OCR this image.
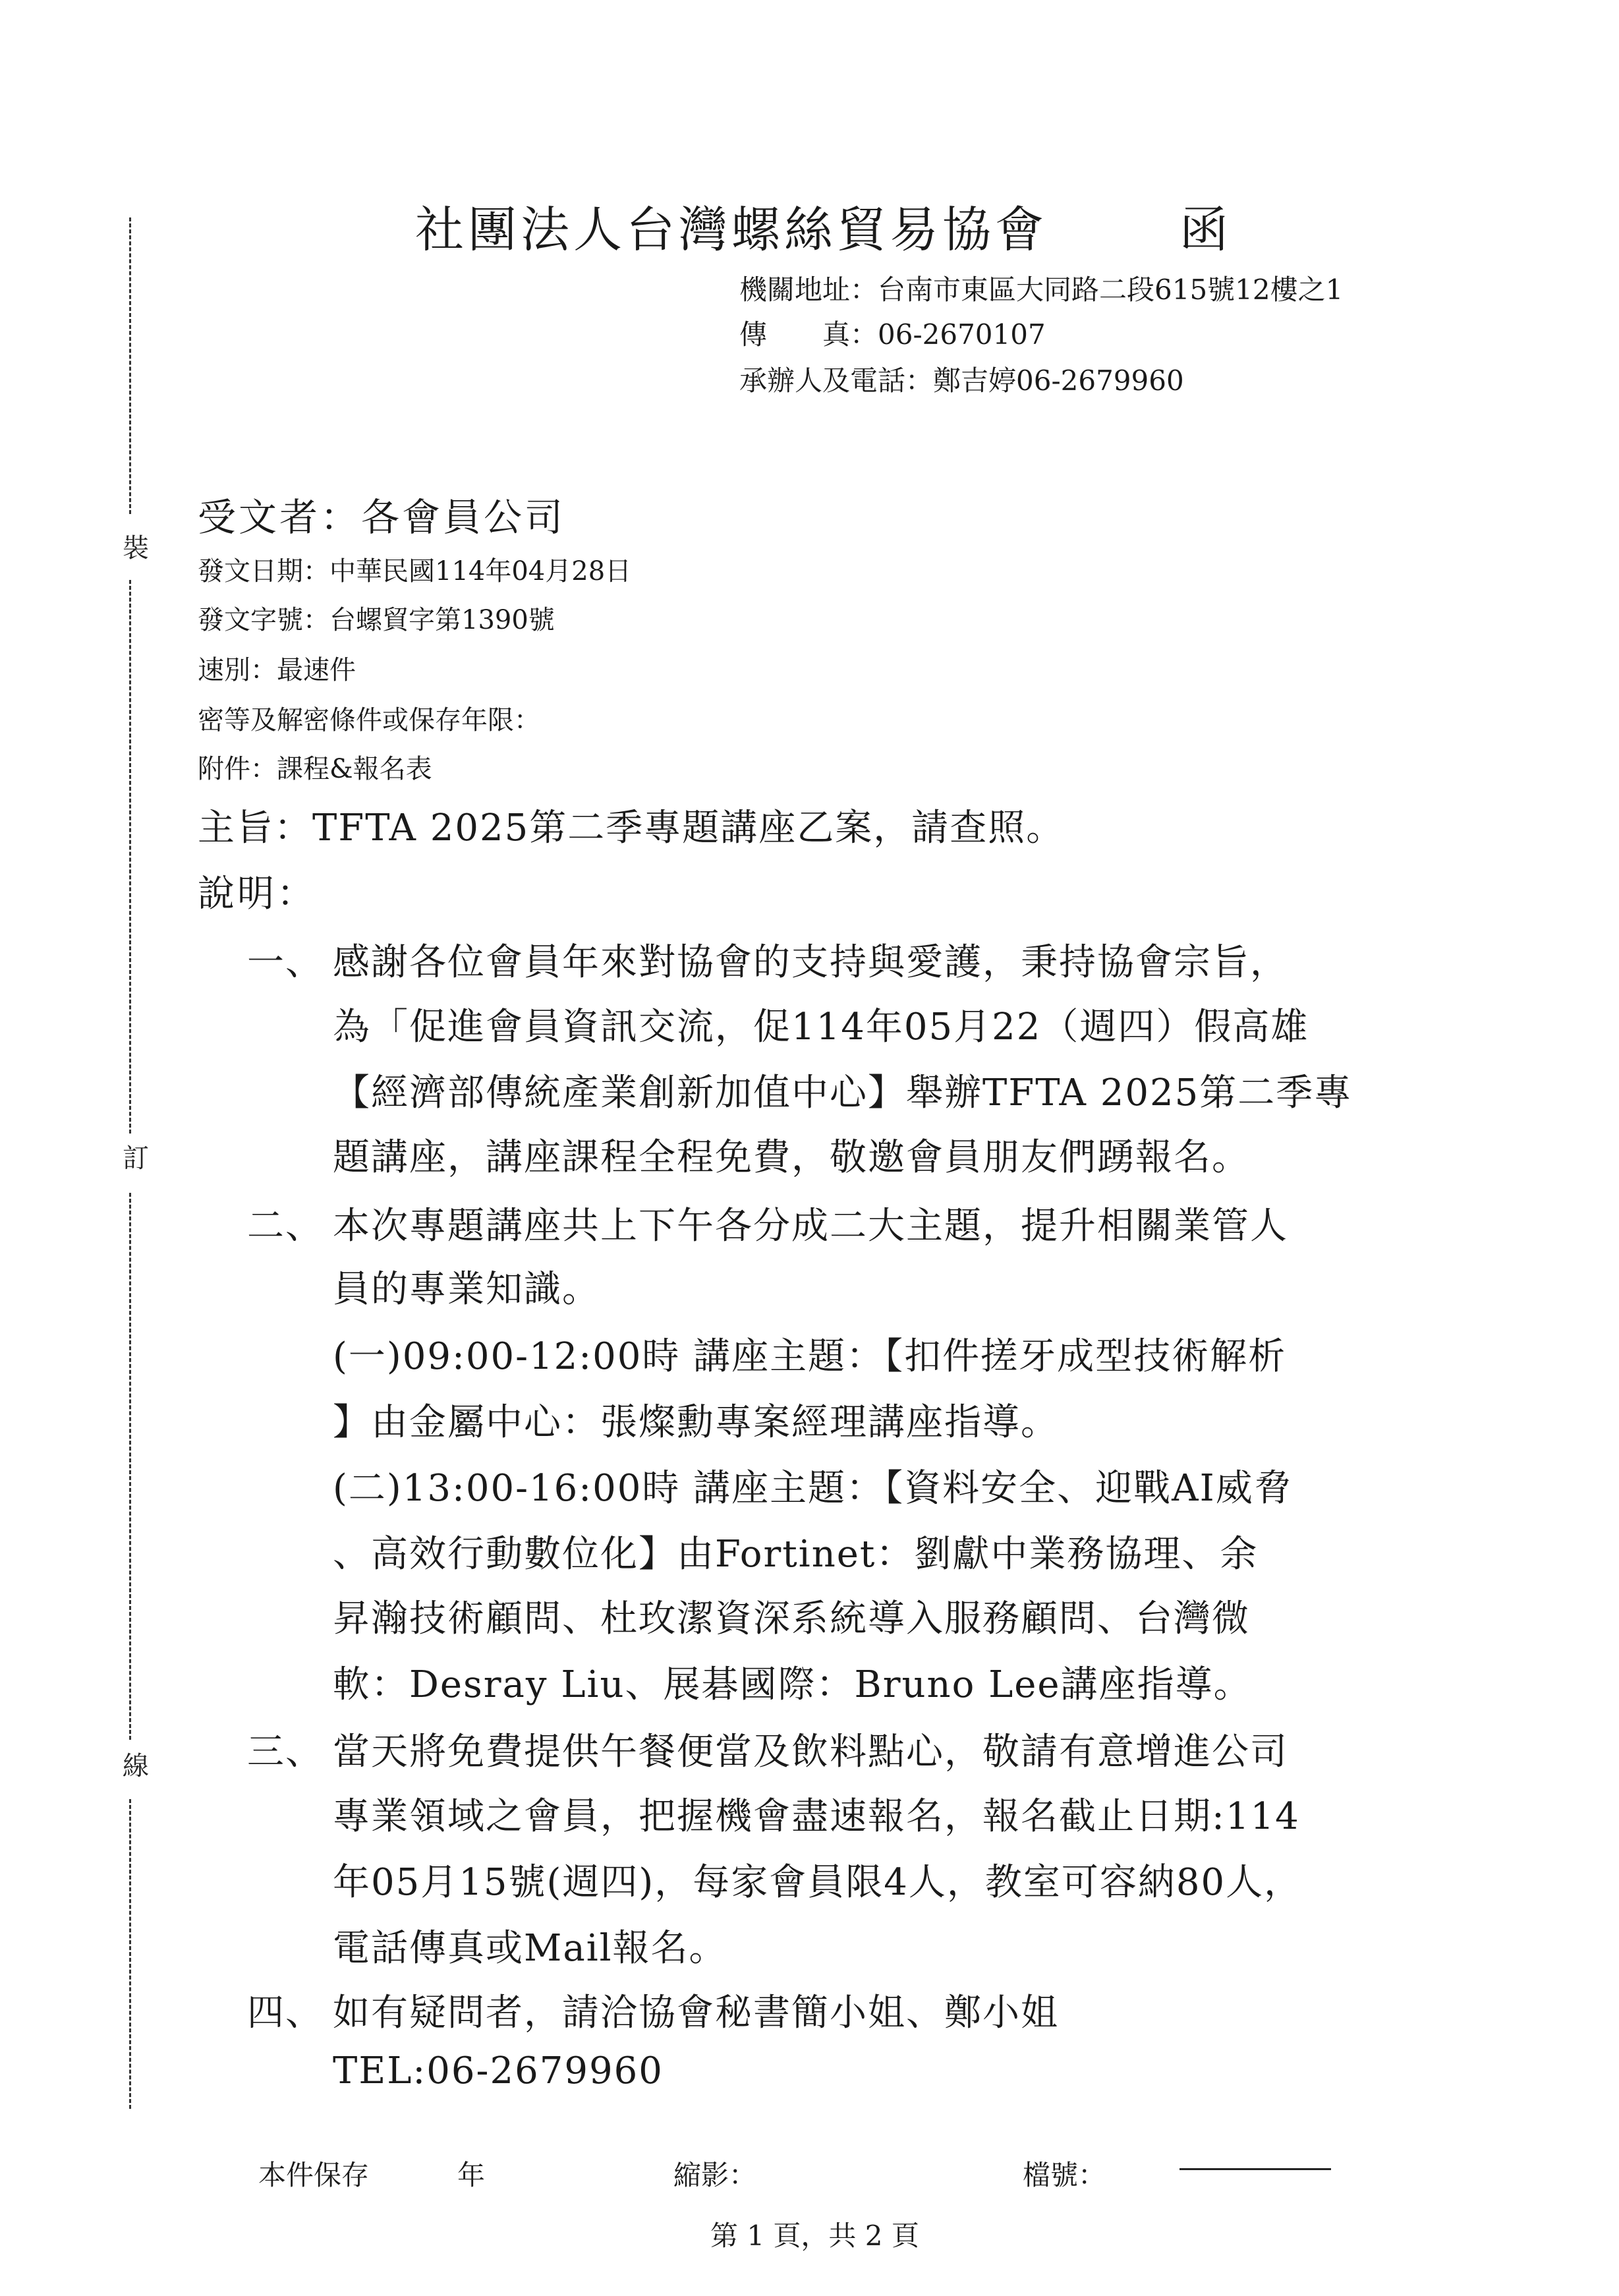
裝
訂
線
社團法人台灣螺絲貿易協會	函
機關地址：台南市東區大同路二段615號12樓之1
傳　　真：06-2670107
承辦人及電話：鄭吉婷06-2679960
受文者：各會員公司
發文日期：中華民國114年04月28日
發文字號：台螺貿字第1390號
速別：最速件
密等及解密條件或保存年限：
附件：課程&報名表
主旨：TFTA 2025第二季專題講座乙案，請查照。
說明：
一、 感謝各位會員年來對協會的支持與愛護，秉持協會宗旨，
為「促進會員資訊交流，促114年05月22（週四）假高雄
【經濟部傳統產業創新加值中心】舉辦TFTA 2025第二季專
題講座，講座課程全程免費，敬邀會員朋友們踴報名。
二、 本次專題講座共上下午各分成二大主題，提升相關業管人
員的專業知識。
(一)09:00-12:00時 講座主題：【扣件搓牙成型技術解析
】由金屬中心：張燦勳專案經理講座指導。
(二)13:00-16:00時 講座主題：【資料安全、迎戰AI威脅
、高效行動數位化】由Fortinet：劉獻中業務協理、余
昇瀚技術顧問、杜玫潔資深系統導入服務顧問、台灣微
軟：Desray Liu、展碁國際：Bruno Lee講座指導。
三、 當天將免費提供午餐便當及飲料點心，敬請有意增進公司
專業領域之會員，把握機會盡速報名，報名截止日期:114
年05月15號(週四)，每家會員限4人，教室可容納80人，
電話傳真或Mail報名。
四、 如有疑問者，請洽協會秘書簡小姐、鄭小姐
TEL:06-2679960
本件保存	年	縮影：	檔號：
第 1 頁，共 2 頁
